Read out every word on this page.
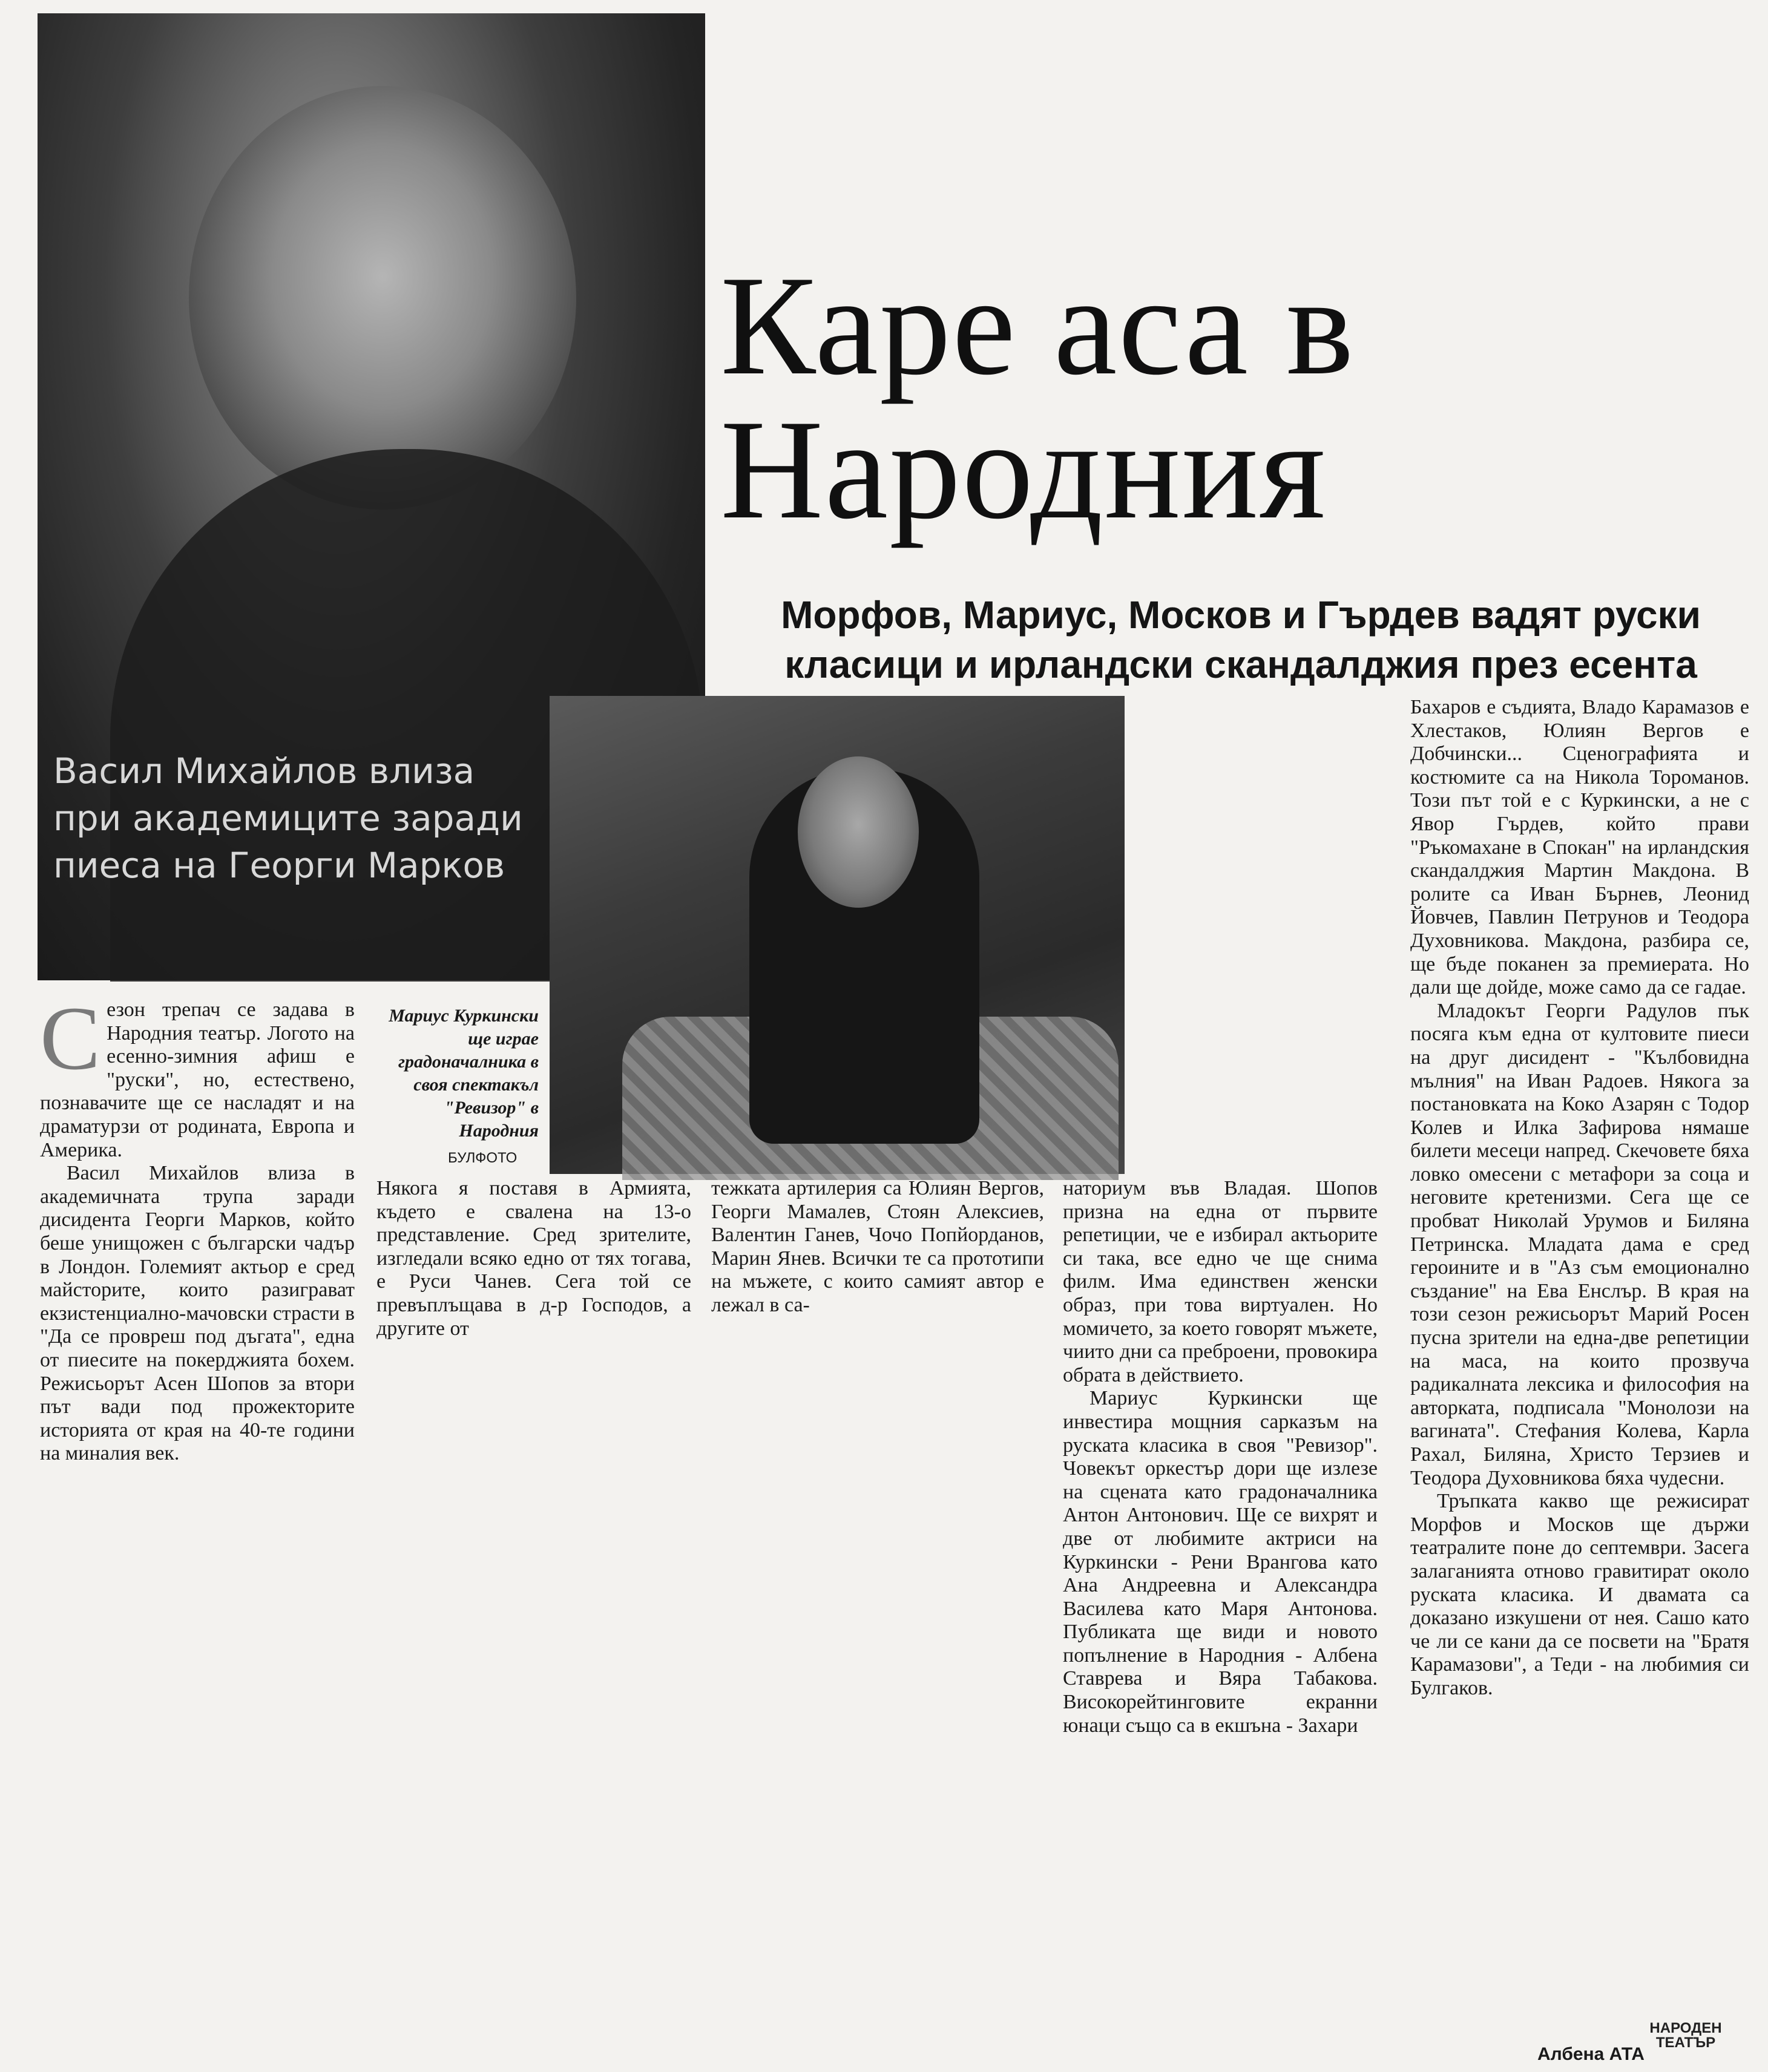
Васил Михайлов влиза при академиците заради пиеса на Георги Марков

Каре аса в Народния
Морфов, Мариус, Москов и Гърдев вадят руски класици и ирландски скандалджия през есента

Мариус Куркински ще играе градоначалника в своя спектакъл "Ревизор" в Народния

БУЛФОТО
С езон трепач се задава в Народния театър. Логото на есенно-зимния афиш е "руски", но, естествено, познавачите ще се насладят и на драматурзи от родината, Европа и Америка.

Васил Михайлов влиза в академичната трупа заради дисидента Георги Марков, който беше унищожен с български чадър в Лондон. Големият актьор е сред майсторите, които разиграват екзистенциално-мачовски страсти в "Да се провреш под дъгата", една от пиесите на покерджията бохем. Режисьорът Асен Шопов за втори път вади под прожекторите историята от края на 40-те години на миналия век.

Някога я поставя в Армията, където е свалена на 13-о представление. Сред зрителите, изгледали всяко едно от тях тогава, е Руси Чанев. Сега той се превъплъщава в д-р Господов, а другите от

тежката артилерия са Юлиян Вергов, Георги Мамалев, Стоян Алексиев, Валентин Ганев, Чочо Попйорданов, Марин Янев. Всички те са прототипи на мъжете, с които самият автор е лежал в са-

наториум във Владая. Шопов призна на една от първите репетиции, че е избирал актьорите си така, все едно че ще снима филм. Има единствен женски образ, при това виртуален. Но момичето, за което говорят мъжете, чиито дни са преброени, провокира обрата в действието.

Мариус Куркински ще инвестира мощния сарказъм на руската класика в своя "Ревизор". Човекът оркестър дори ще излезе на сцената като градоначалника Антон Антонович. Ще се вихрят и две от любимите актриси на Куркински - Рени Врангова като Ана Андреевна и Александра Василева като Маря Антонова. Публиката ще види и новото попълнение в Народния - Албена Ставрева и Вяра Табакова. Високорейтинговите екранни юнаци също са в екшъна - Захари

Бахаров е съдията, Владо Карамазов е Хлестаков, Юлиян Вергов е Добчински... Сценографията и костюмите са на Никола Тороманов. Този път той е с Куркински, а не с Явор Гърдев, който прави "Ръкомахане в Спокан" на ирландския скандалджия Мартин Макдона. В ролите са Иван Бърнев, Леонид Йовчев, Павлин Петрунов и Теодора Духовникова. Макдона, разбира се, ще бъде поканен за премиерата. Но дали ще дойде, може само да се гадае.

Младокът Георги Радулов пък посяга към една от култовите пиеси на друг дисидент - "Кълбовидна мълния" на Иван Радоев. Някога за постановката на Коко Азарян с Тодор Колев и Илка Зафирова нямаше билети месеци напред. Скечовете бяха ловко омесени с метафори за соца и неговите кретенизми. Сега ще се пробват Николай Урумов и Биляна Петринска. Младата дама е сред героините и в "Аз съм емоционално създание" на Ева Енслър. В края на този сезон режисьорът Марий Росен пусна зрители на една-две репетиции на маса, на които прозвуча радикалната лексика и философия на авторката, подписала "Монолози на вагината". Стефания Колева, Карла Рахал, Биляна, Христо Терзиев и Теодора Духовникова бяха чудесни.

Тръпката какво ще режисират Морфов и Москов ще държи театралите поне до септември. Засега залаганията отново гравитират около руската класика. И двамата са доказано изкушени от нея. Сашо като че ли се кани да се посвети на "Братя Карамазови", а Теди - на любимия си Булгаков.

Албена АТА
НАРОДЕН
ТЕАТЪР
